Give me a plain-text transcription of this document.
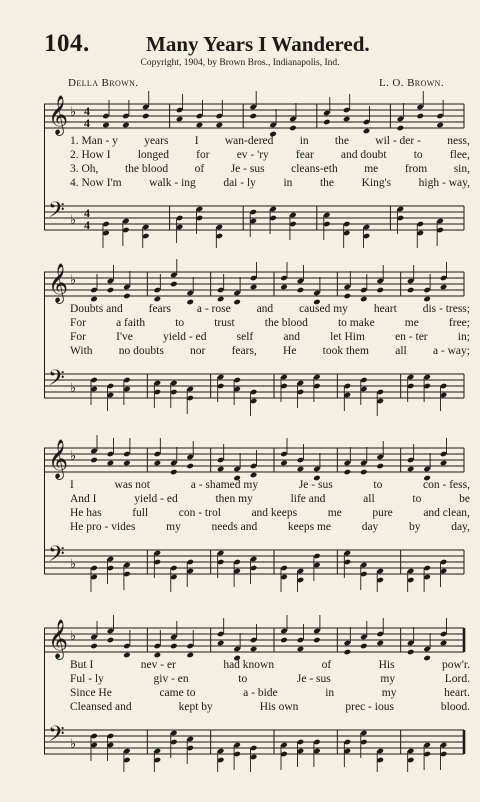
104.	Many Years I Wandered.
Copyright, 1904, by Brown Bros., Indianapolis, Ind.
Della Brown.	L. O. Brown.
𝄞 ♭ 4
4
1. Man - y years I wan-dered in the wil - der - ness,
2. How I longed for ev - 'ry fear and doubt to flee,
3. Oh, the blood of Je - sus cleans-eth me from sin,
4. Now I'm walk - ing dai - ly in the King's high - way,
𝄢 ♭ 4
4
𝄞 ♭
Doubts and fears a - rose and caused my heart dis - tress;
For	a faith	to	trust	the blood	to make	me	free;
For	I've	yield - ed	self	and	let Him	en - ter	in;
With no doubts nor fears, He took them all a - way;
𝄢 ♭
𝄞 ♭
I	was not	a - shamed my	Je - sus	to	con - fess,
And I	yield - ed	then my	life and	all	to	be
He has	full	con - trol	and keeps	me	pure	and clean,
He pro - vides	my	needs and	keeps me	day	by	day,
𝄢 ♭
𝄞 ♭
But I	nev - er	had known	of	His	pow'r.
Ful - ly	giv - en	to	Je - sus	my	Lord.
Since He	came to	a - bide	in	my	heart.
Cleansed and	kept by	His own	prec - ious	blood.
𝄢 ♭
